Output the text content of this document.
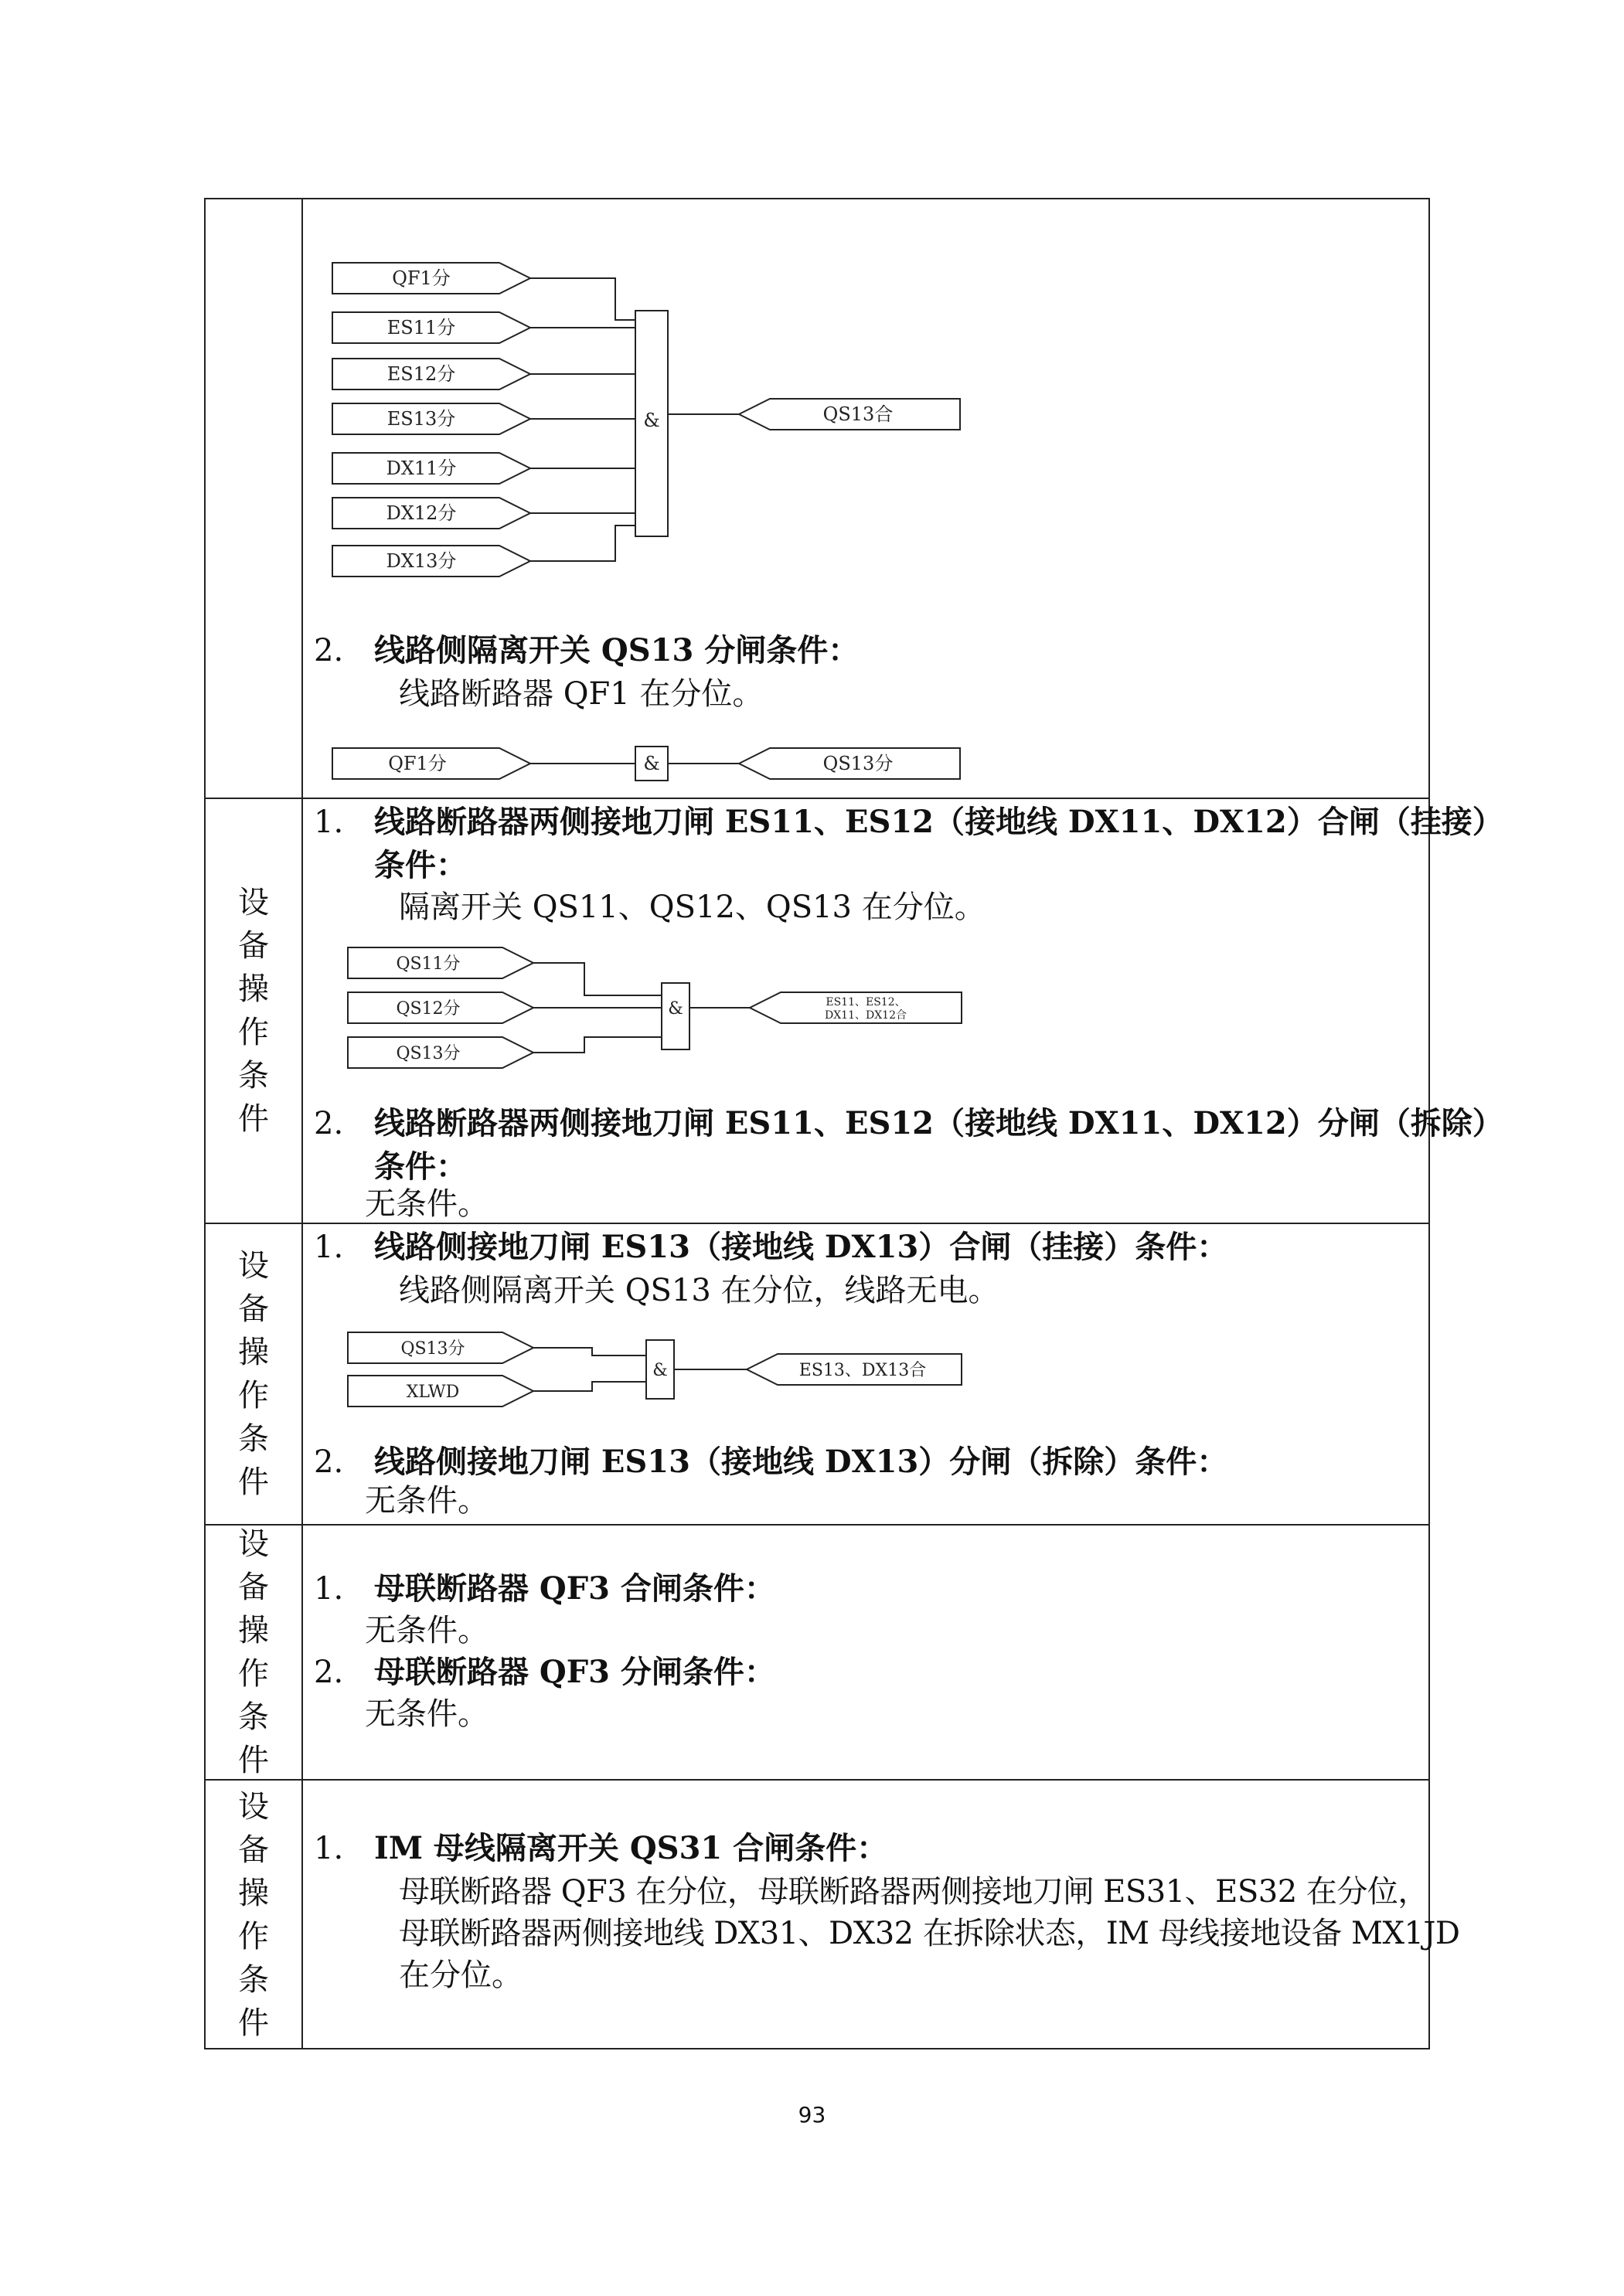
QF1分
ES11分
ES12分
ES13分
DX11分
DX12分
DX13分
&	QS13合
2. 线路侧隔离开关 QS13 分闸条件：
线路断路器 QF1 在分位。
QF1分	&	QS13分
设
备
操
作
条
件
1. 线路断路器两侧接地刀闸 ES11、ES12（接地线 DX11、DX12）合闸（挂接）
条件：
隔离开关 QS11、QS12、QS13 在分位。
QS11分
QS12分
QS13分
&	ES11、ES12、
DX11、DX12合
2. 线路断路器两侧接地刀闸 ES11、ES12（接地线 DX11、DX12）分闸（拆除）
条件：
无条件。
设
备
操
作
条
件
1. 线路侧接地刀闸 ES13（接地线 DX13）合闸（挂接）条件：
线路侧隔离开关 QS13 在分位，线路无电。
QS13分
XLWD
&	ES13、DX13合
2. 线路侧接地刀闸 ES13（接地线 DX13）分闸（拆除）条件：
无条件。
设
备
操
作
条
件
1. 母联断路器 QF3 合闸条件：
无条件。
2. 母联断路器 QF3 分闸条件：
无条件。
设
备
操
作
条
件
1. ⅠM 母线隔离开关 QS31 合闸条件：
母联断路器 QF3 在分位，母联断路器两侧接地刀闸 ES31、ES32 在分位，
母联断路器两侧接地线 DX31、DX32 在拆除状态，ⅠM 母线接地设备 MX1JD
在分位。
93
